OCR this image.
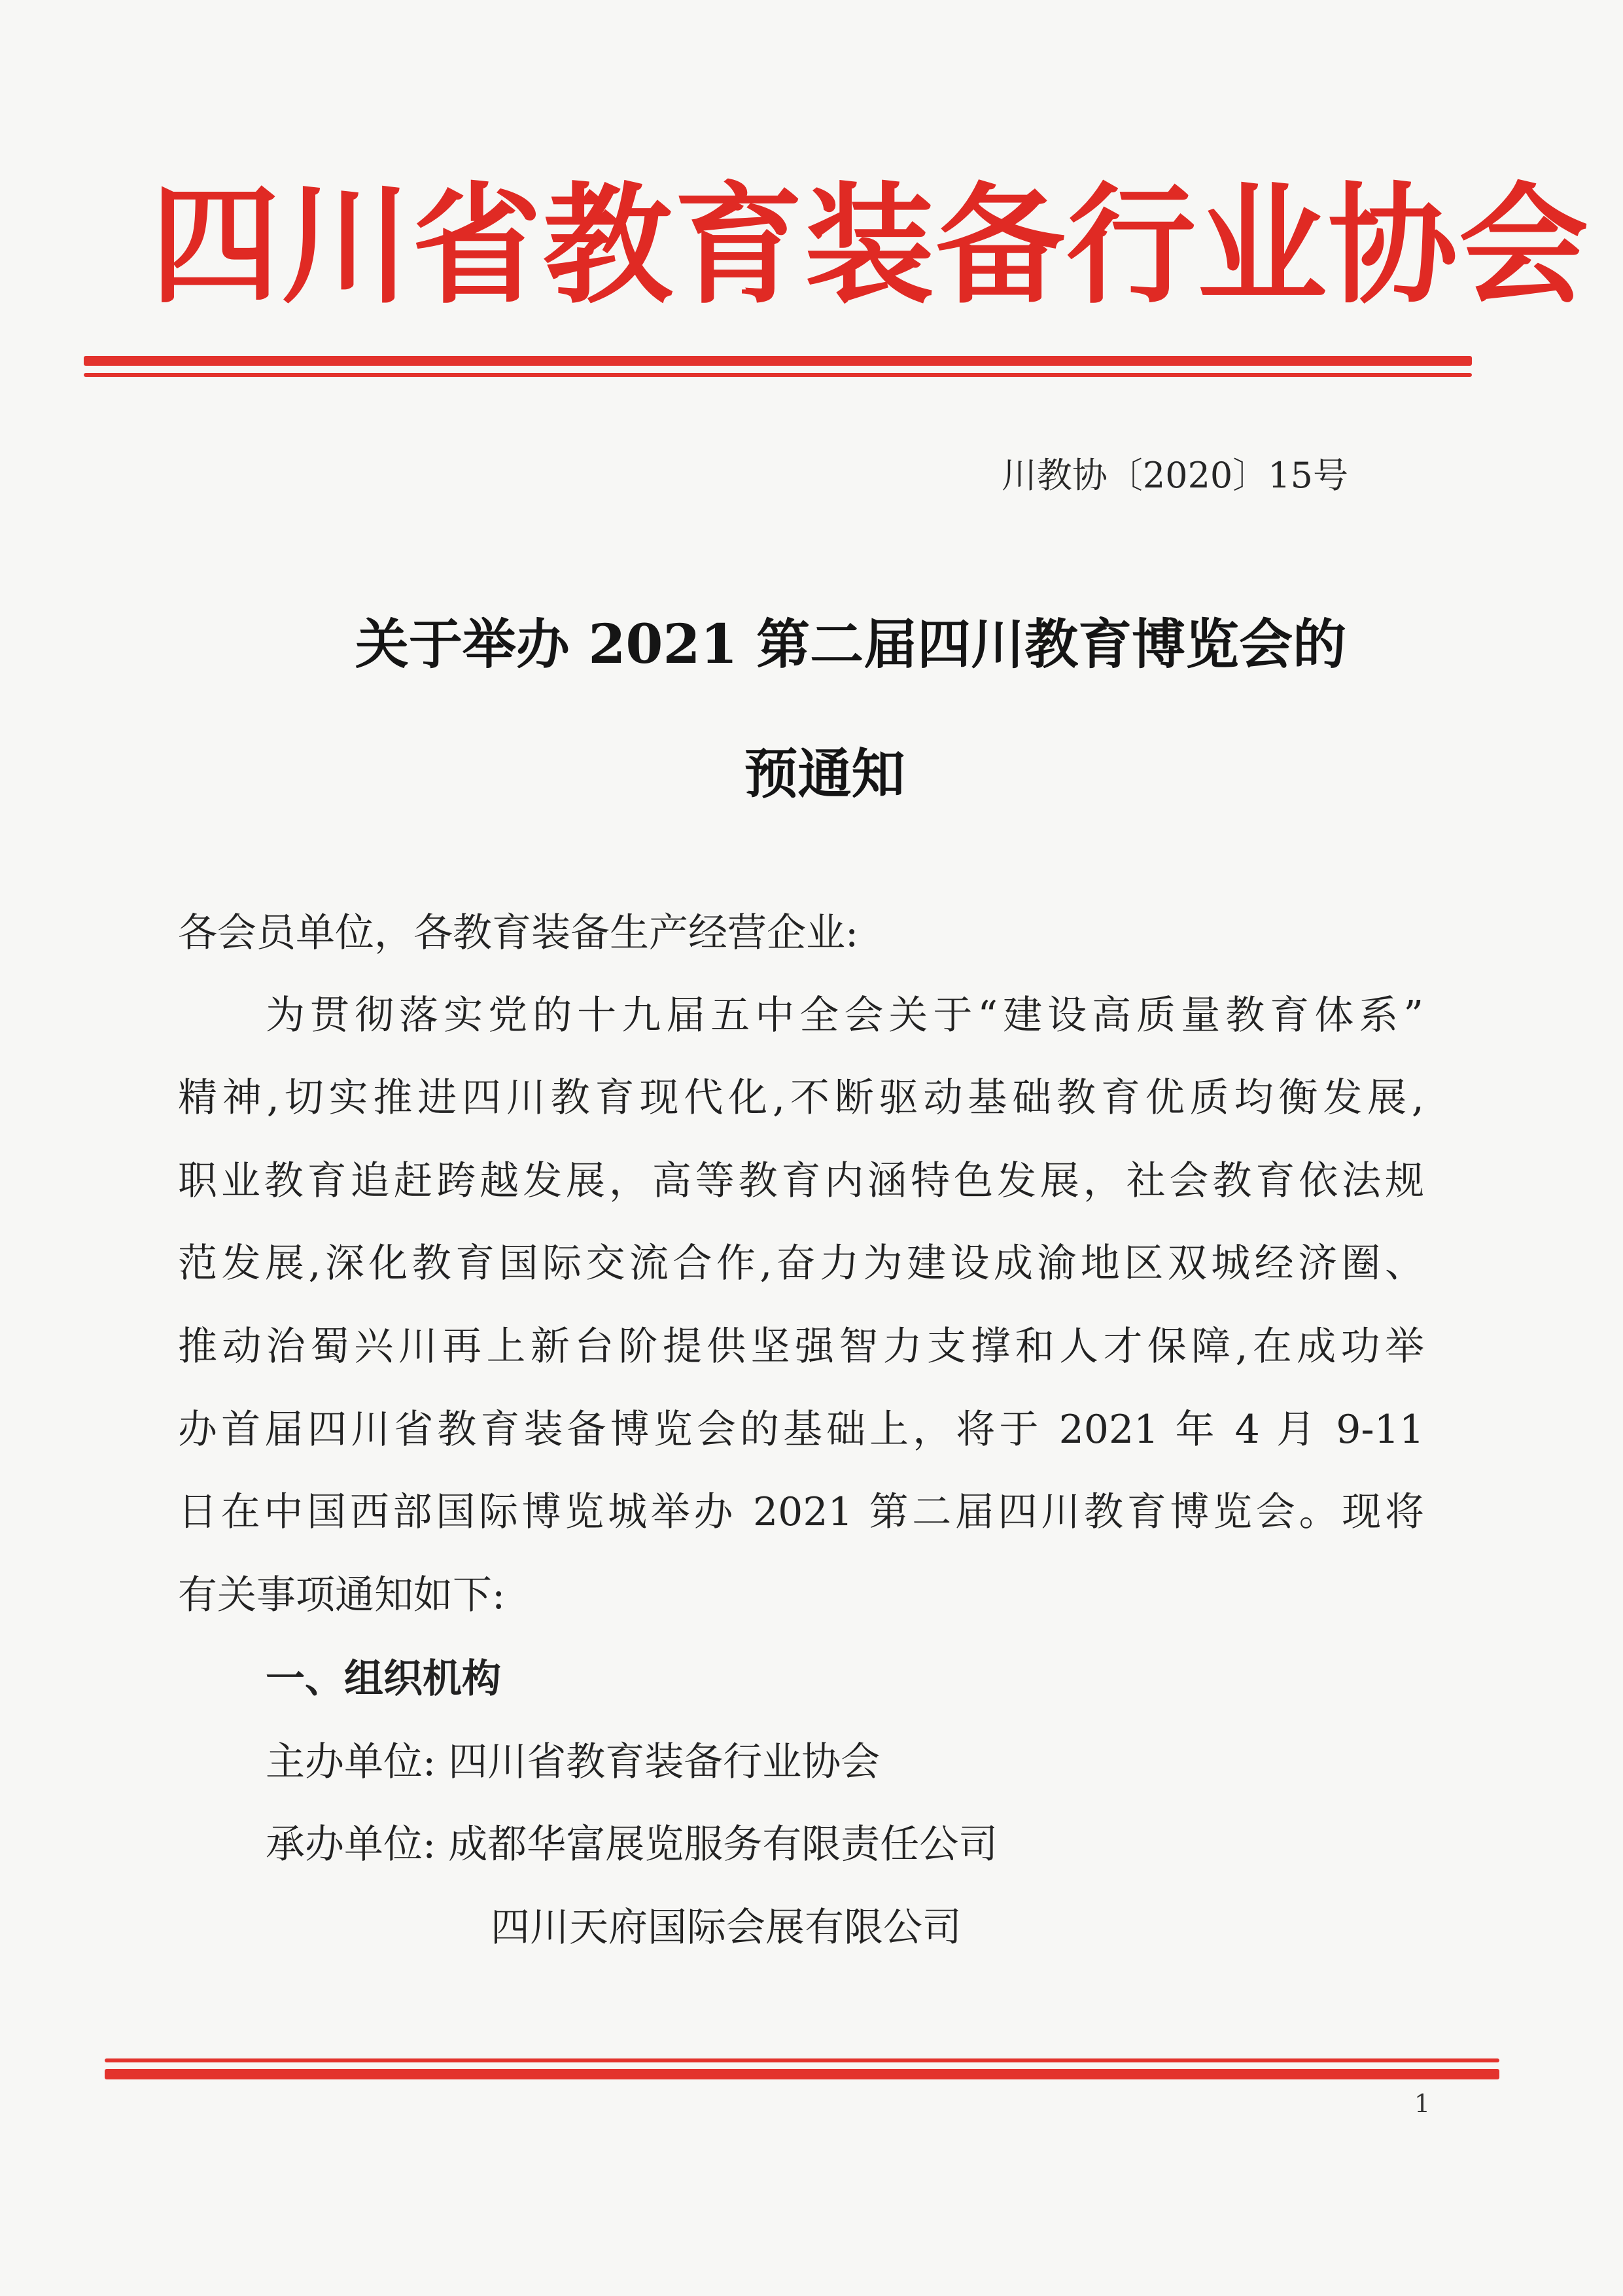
四川省教育装备行业协会
川教协〔2020〕15号
关于举办 2021 第二届四川教育博览会的
预通知
各会员单位，各教育装备生产经营企业:
为贯彻落实党的十九届五中全会关于“建设高质量教育体系”
精神,切实推进四川教育现代化,不断驱动基础教育优质均衡发展,
职业教育追赶跨越发展，高等教育内涵特色发展，社会教育依法规
范发展,深化教育国际交流合作,奋力为建设成渝地区双城经济圈、
推动治蜀兴川再上新台阶提供坚强智力支撑和人才保障,在成功举
办首届四川省教育装备博览会的基础上，将于 2021 年 4 月 9-11
日在中国西部国际博览城举办 2021 第二届四川教育博览会。现将
有关事项通知如下:
一、组织机构
主办单位: 四川省教育装备行业协会
承办单位: 成都华富展览服务有限责任公司
四川天府国际会展有限公司
1
